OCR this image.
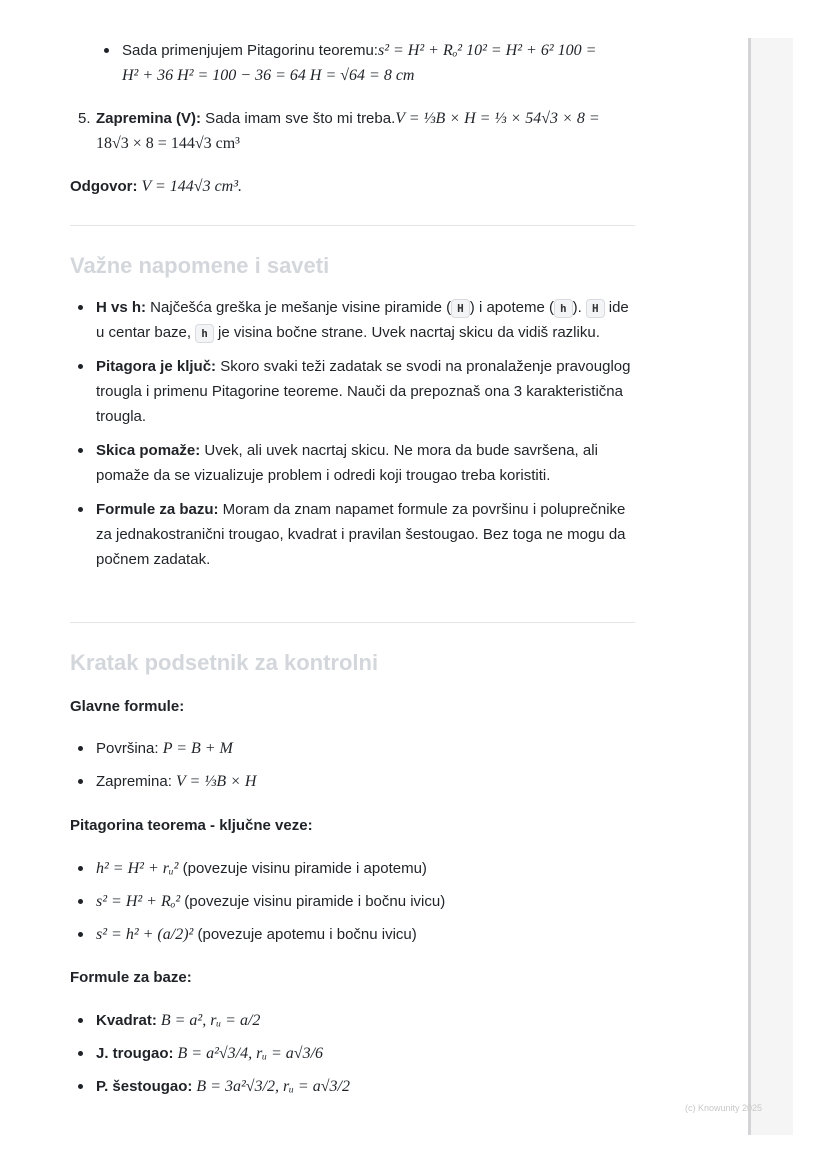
Sada primenjujem Pitagorinu teoremu:s² = H² + Rₒ² 10² = H² + 6² 100 =
H² + 36 H² = 100 − 36 = 64 H = √64 = 8 cm
5. Zapremina (V): Sada imam sve što mi treba.V = ⅓B × H = ⅓ × 54√3 × 8 =
18√3 × 8 = 144√3 cm³
Odgovor: V = 144√3 cm³.
Važne napomene i saveti
H vs h: Najčešća greška je mešanje visine piramide ( H ) i apoteme ( h ). H ide u centar baze, h je visina bočne strane. Uvek nacrtaj skicu da vidiš razliku.
Pitagora je ključ: Skoro svaki teži zadatak se svodi na pronalaženje pravouglog trougla i primenu Pitagorine teoreme. Nauči da prepoznaš ona 3 karakteristična trougla.
Skica pomaže: Uvek, ali uvek nacrtaj skicu. Ne mora da bude savršena, ali pomaže da se vizualizuje problem i odredi koji trougao treba koristiti.
Formule za bazu: Moram da znam napamet formule za površinu i poluprečnike za jednakostranični trougao, kvadrat i pravilan šestougao. Bez toga ne mogu da počnem zadatak.
Kratak podsetnik za kontrolni
Glavne formule:
Površina: P = B + M
Zapremina: V = ⅓B × H
Pitagorina teorema - ključne veze:
h² = H² + rᵤ² (povezuje visinu piramide i apotemu)
s² = H² + Rₒ² (povezuje visinu piramide i bočnu ivicu)
s² = h² + (a/2)² (povezuje apotemu i bočnu ivicu)
Formule za baze:
Kvadrat: B = a², rᵤ = a/2
J. trougao: B = a²√3/4, rᵤ = a√3/6
P. šestougao: B = 3a²√3/2, rᵤ = a√3/2
(c) Knowunity 2025
